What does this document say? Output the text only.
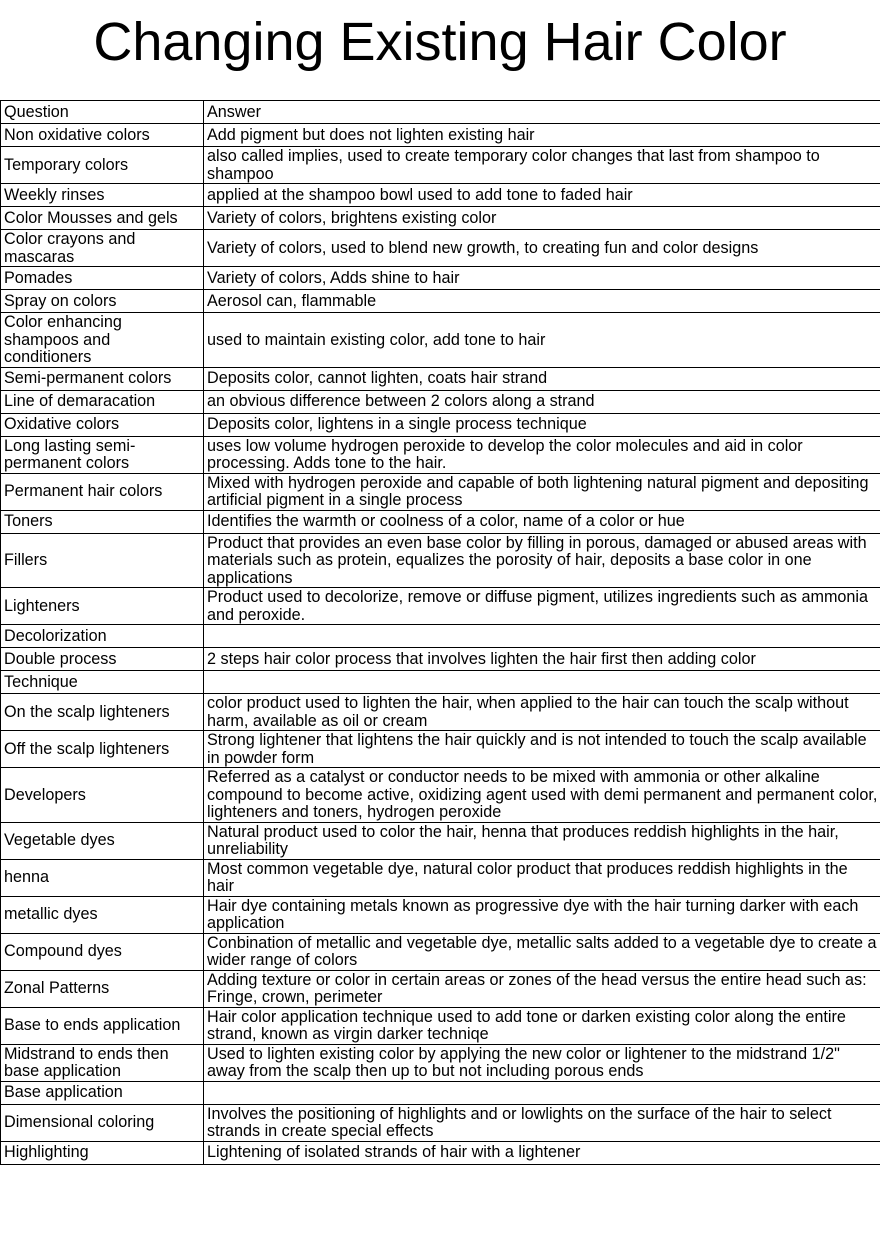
Changing Existing Hair Color
Question	Answer
Non oxidative colors	Add pigment but does not lighten existing hair
Temporary colors	also called implies, used to create temporary color changes that last from shampoo to shampoo
Weekly rinses	applied at the shampoo bowl used to add tone to faded hair
Color Mousses and gels	Variety of colors, brightens existing color
Color crayons and mascaras	Variety of colors, used to blend new growth, to creating fun and color designs
Pomades	Variety of colors, Adds shine to hair
Spray on colors	Aerosol can, flammable
Color enhancing shampoos and conditioners	used to maintain existing color, add tone to hair
Semi-permanent colors	Deposits color, cannot lighten, coats hair strand
Line of demaracation	an obvious difference between 2 colors along a strand
Oxidative colors	Deposits color, lightens in a single process technique
Long lasting semi-permanent colors	uses low volume hydrogen peroxide to develop the color molecules and aid in color processing. Adds tone to the hair.
Permanent hair colors	Mixed with hydrogen peroxide and capable of both lightening natural pigment and depositing artificial pigment in a single process
Toners	Identifies the warmth or coolness of a color, name of a color or hue
Fillers	Product that provides an even base color by filling in porous, damaged or abused areas with materials such as protein, equalizes the porosity of hair, deposits a base color in one applications
Lighteners	Product used to decolorize, remove or diffuse pigment, utilizes ingredients such as ammonia and peroxide.
Decolorization	
Double process	2 steps hair color process that involves lighten the hair first then adding color
Technique	
On the scalp lighteners	color product used to lighten the hair, when applied to the hair can touch the scalp without harm, available as oil or cream
Off the scalp lighteners	Strong lightener that lightens the hair quickly and is not intended to touch the scalp available in powder form
Developers	Referred as a catalyst or conductor needs to be mixed with ammonia or other alkaline compound to become active, oxidizing agent used with demi permanent and permanent color, lighteners and toners, hydrogen peroxide
Vegetable dyes	Natural product used to color the hair, henna that produces reddish highlights in the hair, unreliability
henna	Most common vegetable dye, natural color product that produces reddish highlights in the hair
metallic dyes	Hair dye containing metals known as progressive dye with the hair turning darker with each application
Compound dyes	Conbination of metallic and vegetable dye, metallic salts added to a vegetable dye to create a wider range of colors
Zonal Patterns	Adding texture or color in certain areas or zones of the head versus the entire head such as: Fringe, crown, perimeter
Base to ends application	Hair color application technique used to add tone or darken existing color along the entire strand, known as virgin darker techniqe
Midstrand to ends then base application	Used to lighten existing color by applying the new color or lightener to the midstrand 1/2" away from the scalp then up to but not including porous ends
Base application	
Dimensional coloring	Involves the positioning of highlights and or lowlights on the surface of the hair to select strands in create special effects
Highlighting	Lightening of isolated strands of hair with a lightener
